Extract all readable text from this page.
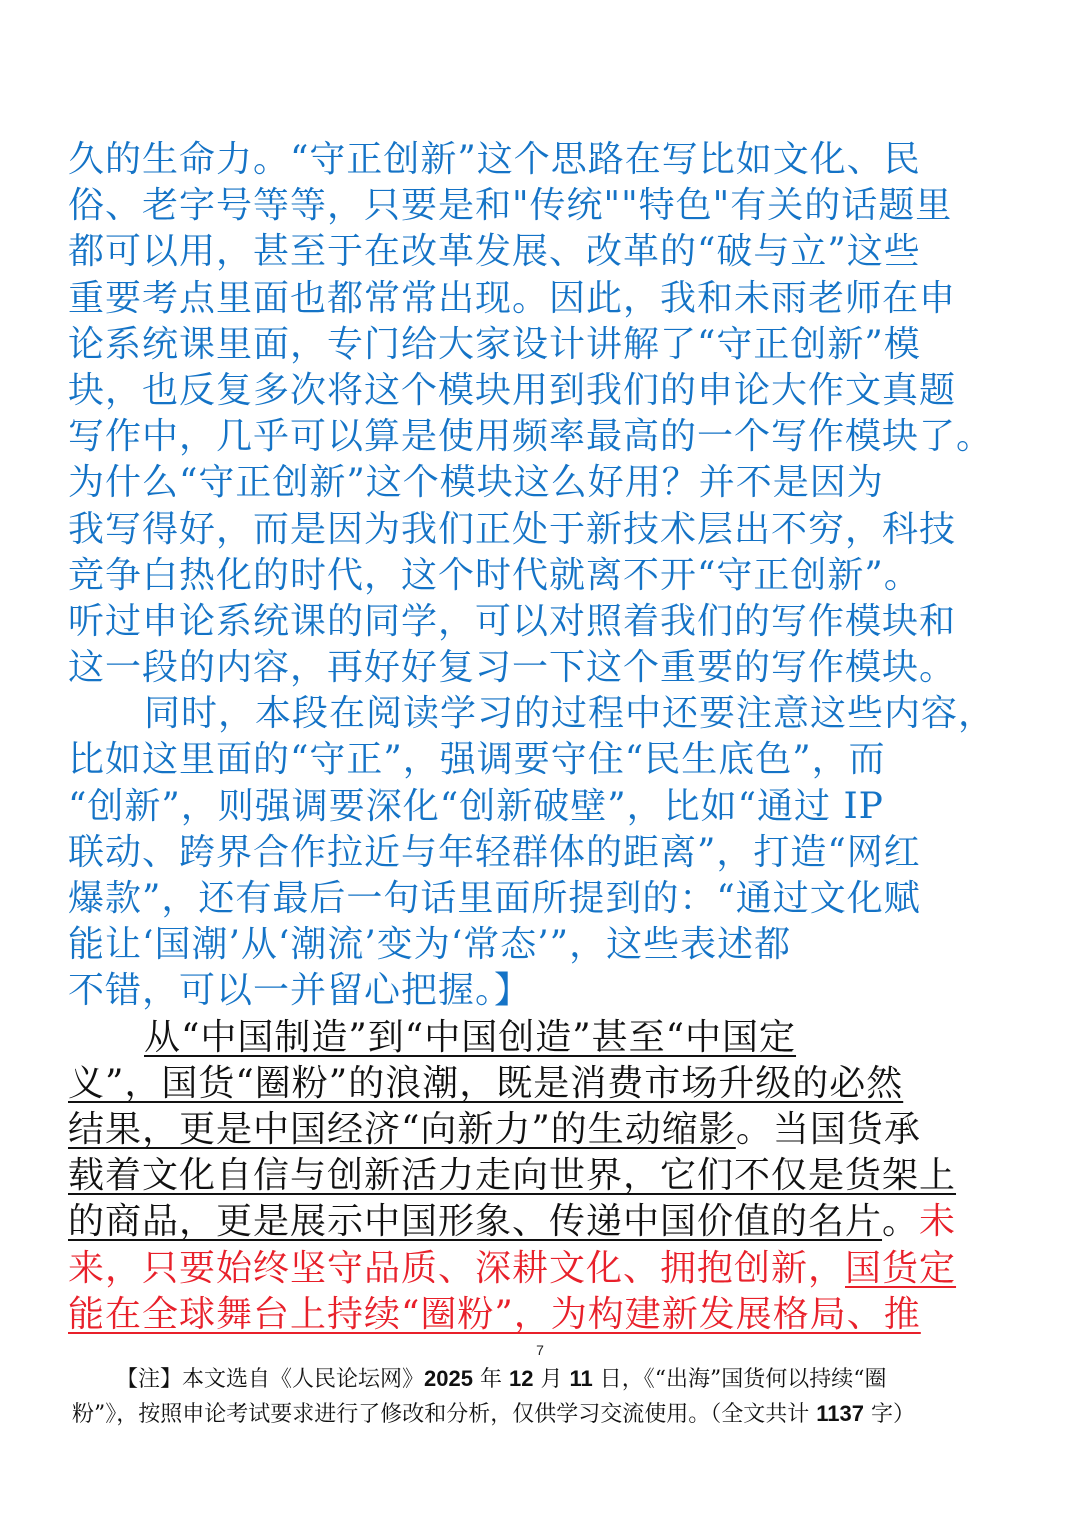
久的生命力。“守正创新”这个思路在写比如文化、民
俗、老字号等等，只要是和"传统""特色"有关的话题里
都可以用，甚至于在改革发展、改革的“破与立”这些
重要考点里面也都常常出现。因此，我和未雨老师在申
论系统课里面，专门给大家设计讲解了“守正创新”模
块，也反复多次将这个模块用到我们的申论大作文真题
写作中，几乎可以算是使用频率最高的一个写作模块了。
为什么“守正创新”这个模块这么好用？并不是因为
我写得好，而是因为我们正处于新技术层出不穷，科技
竞争白热化的时代，这个时代就离不开“守正创新”。
听过申论系统课的同学，可以对照着我们的写作模块和
这一段的内容，再好好复习一下这个重要的写作模块。
同时，本段在阅读学习的过程中还要注意这些内容，
比如这里面的“守正”，强调要守住“民生底色”，而
“创新”，则强调要深化“创新破壁”，比如“通过 IP
联动、跨界合作拉近与年轻群体的距离”，打造“网红
爆款”，还有最后一句话里面所提到的：“通过文化赋
能让‘国潮’从‘潮流’变为‘常态’”，这些表述都
不错，可以一并留心把握。】
从“中国制造”到“中国创造”甚至“中国定
义”，国货“圈粉”的浪潮，既是消费市场升级的必然
结果，更是中国经济“向新力”的生动缩影。当国货承
载着文化自信与创新活力走向世界，它们不仅是货架上
的商品，更是展示中国形象、传递中国价值的名片。未
来，只要始终坚守品质、深耕文化、拥抱创新，国货定
能在全球舞台上持续“圈粉”，为构建新发展格局、推
7
【注】本文选自《人民论坛网》2025 年 12 月 11 日，《“出海”国货何以持续“圈
粉”》，按照申论考试要求进行了修改和分析，仅供学习交流使用。（全文共计 1137 字）
